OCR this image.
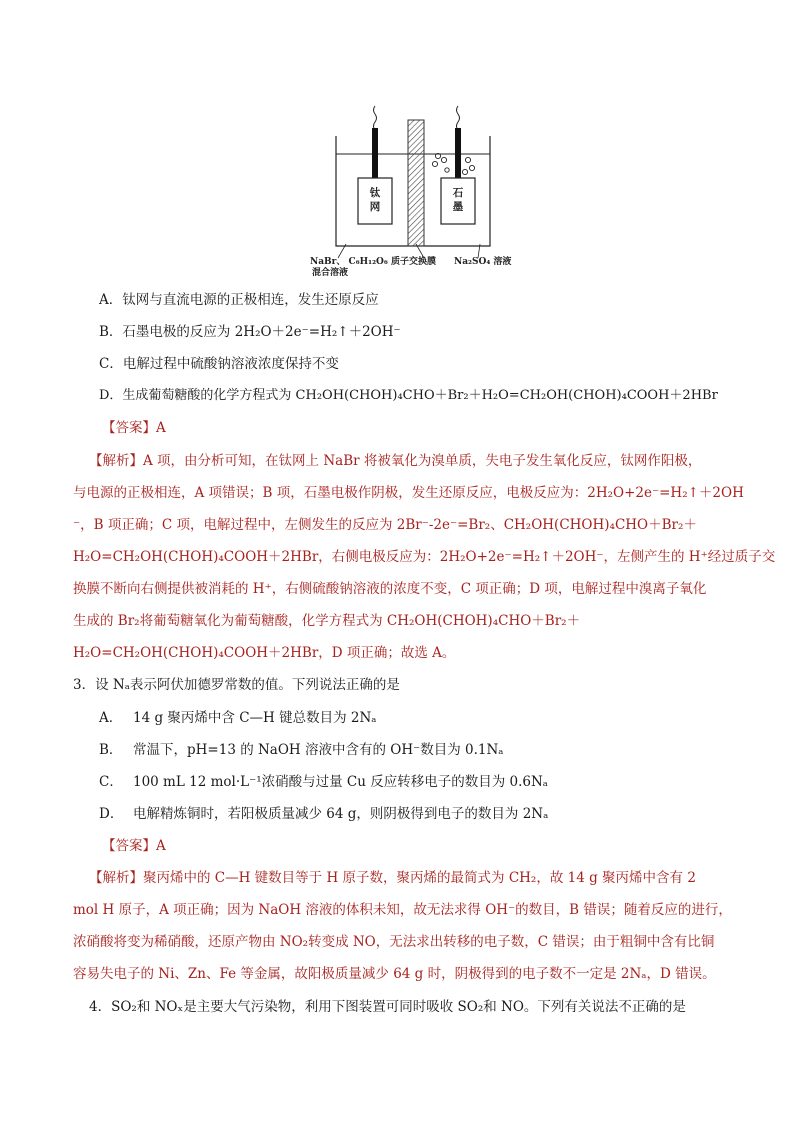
钛网
石墨
NaBr、 C₆H₁₂O₆ 质子交换膜
混合溶液
Na₂SO₄ 溶液
A．钛网与直流电源的正极相连，发生还原反应
B．石墨电极的反应为 2H₂O＋2e⁻=H₂↑＋2OH⁻
C．电解过程中硫酸钠溶液浓度保持不变
D．生成葡萄糖酸的化学方程式为 CH₂OH(CHOH)₄CHO＋Br₂＋H₂O=CH₂OH(CHOH)₄COOH＋2HBr
【答案】A
【解析】A 项，由分析可知，在钛网上 NaBr 将被氧化为溴单质，失电子发生氧化反应，钛网作阳极，
与电源的正极相连，A 项错误；B 项，石墨电极作阴极，发生还原反应，电极反应为：2H₂O+2e⁻=H₂↑＋2OH
⁻，B 项正确；C 项，电解过程中，左侧发生的反应为 2Br⁻-2e⁻=Br₂、CH₂OH(CHOH)₄CHO＋Br₂＋
H₂O=CH₂OH(CHOH)₄COOH＋2HBr，右侧电极反应为：2H₂O+2e⁻=H₂↑＋2OH⁻，左侧产生的 H⁺经过质子交
换膜不断向右侧提供被消耗的 H⁺，右侧硫酸钠溶液的浓度不变，C 项正确；D 项，电解过程中溴离子氧化
生成的 Br₂将葡萄糖氧化为葡萄糖酸，化学方程式为 CH₂OH(CHOH)₄CHO＋Br₂＋
H₂O=CH₂OH(CHOH)₄COOH＋2HBr，D 项正确；故选 A。
3．设 Nₐ表示阿伏加德罗常数的值。下列说法正确的是
A． 14 g 聚丙烯中含 C—H 键总数目为 2Nₐ
B． 常温下，pH=13 的 NaOH 溶液中含有的 OH⁻数目为 0.1Nₐ
C． 100 mL 12 mol·L⁻¹浓硝酸与过量 Cu 反应转移电子的数目为 0.6Nₐ
D． 电解精炼铜时，若阳极质量减少 64 g，则阴极得到电子的数目为 2Nₐ
【答案】A
【解析】聚丙烯中的 C—H 键数目等于 H 原子数，聚丙烯的最简式为 CH₂，故 14 g 聚丙烯中含有 2
mol H 原子，A 项正确；因为 NaOH 溶液的体积未知，故无法求得 OH⁻的数目，B 错误；随着反应的进行，
浓硝酸将变为稀硝酸，还原产物由 NO₂转变成 NO，无法求出转移的电子数，C 错误；由于粗铜中含有比铜
容易失电子的 Ni、Zn、Fe 等金属，故阳极质量减少 64 g 时，阴极得到的电子数不一定是 2Nₐ，D 错误。
4．SO₂和 NOₓ是主要大气污染物，利用下图装置可同时吸收 SO₂和 NO。下列有关说法不正确的是
